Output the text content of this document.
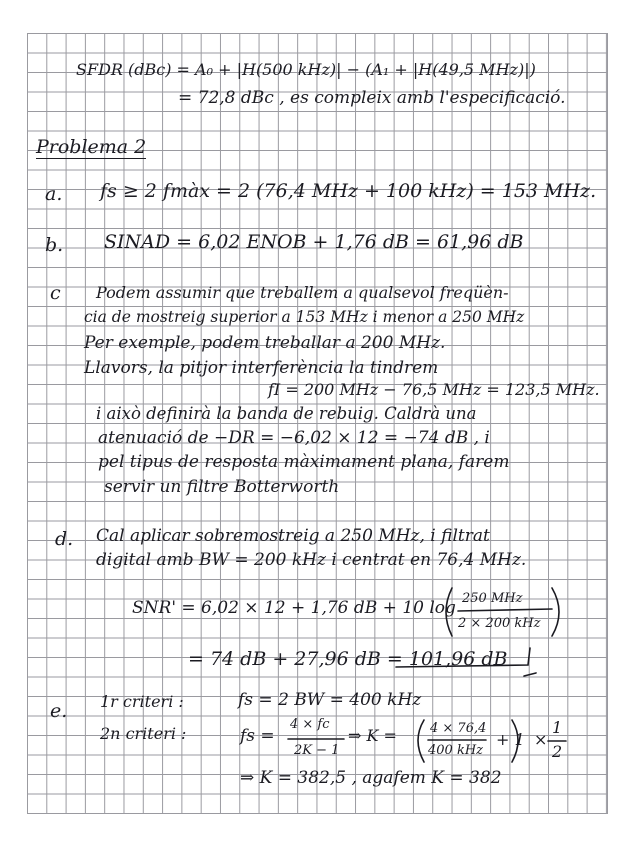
SFDR (dBc) = A₀ + |H(500 kHz)| − (A₁ + |H(49,5 MHz)|)
= 72,8 dBc , es compleix amb l'especificació.
Problema 2
a. fs ≥ 2 fmàx = 2 (76,4 MHz + 100 kHz) = 153 MHz.
b. SINAD = 6,02 ENOB + 1,76 dB = 61,96 dB
c Podem assumir que treballem a qualsevol freqüèn-
cia de mostreig superior a 153 MHz i menor a 250 MHz
Per exemple, podem treballar a 200 MHz.
Llavors, la pitjor interferència la tindrem
fI = 200 MHz − 76,5 MHz = 123,5 MHz.
i això definirà la banda de rebuig. Caldrà una
atenuació de −DR = −6,02 × 12 = −74 dB , i
pel tipus de resposta màximament plana, farem
servir un filtre Botterworth
d. Cal aplicar sobremostreig a 250 MHz, i filtrat
digital amb BW = 200 kHz i centrat en 76,4 MHz.
SNR' = 6,02 × 12 + 1,76 dB + 10 log 250 MHz
2 × 200 kHz
= 74 dB + 27,96 dB = 101,96 dB
e. 1r criteri :	fs = 2 BW = 400 kHz
2n criteri :	fs =
4 × fc
2K − 1
⇒ K =	4 × 76,4
400 kHz
+ 1 ×
1
2
⇒ K = 382,5 , agafem K = 382
